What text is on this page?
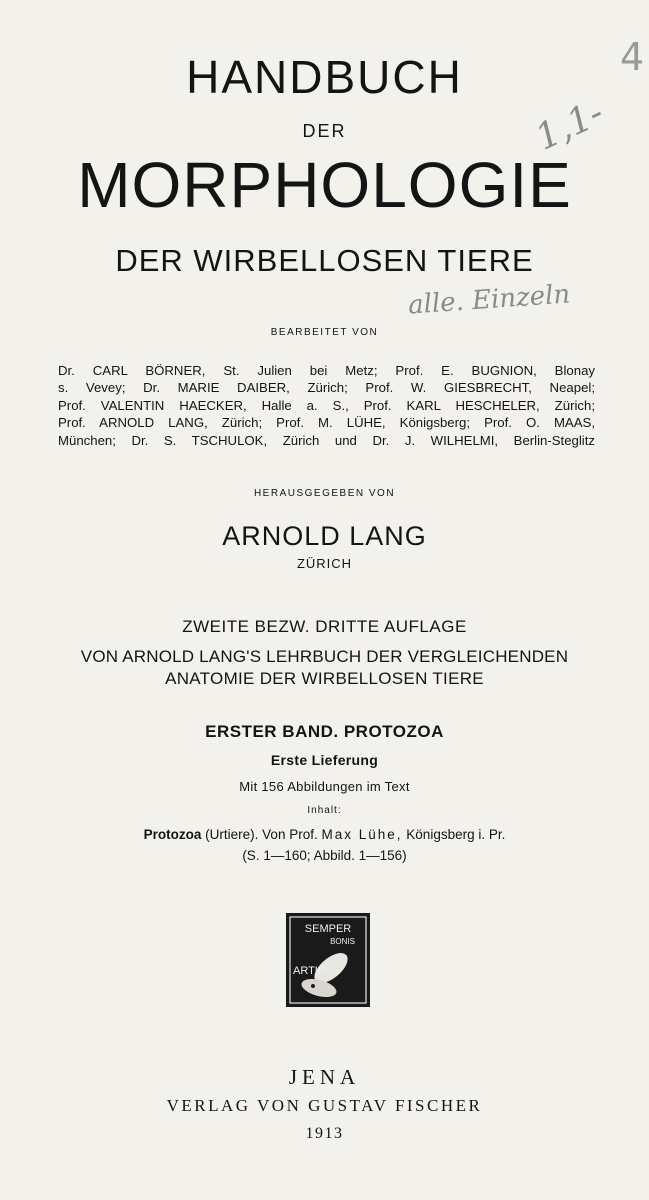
HANDBUCH
DER
MORPHOLOGIE
DER WIRBELLOSEN TIERE
4
1,1-
alle. Einzeln
BEARBEITET VON
Dr. CARL BÖRNER, St. Julien bei Metz; Prof. E. BUGNION, Blonay
s. Vevey; Dr. MARIE DAIBER, Zürich; Prof. W. GIESBRECHT, Neapel;
Prof. VALENTIN HAECKER, Halle a. S., Prof. KARL HESCHELER, Zürich;
Prof. ARNOLD LANG, Zürich; Prof. M. LÜHE, Königsberg; Prof. O. MAAS,
München; Dr. S. TSCHULOK, Zürich und Dr. J. WILHELMI, Berlin-Steglitz
HERAUSGEGEBEN VON
ARNOLD LANG
ZÜRICH
ZWEITE BEZW. DRITTE AUFLAGE
VON ARNOLD LANG'S LEHRBUCH DER VERGLEICHENDEN
ANATOMIE DER WIRBELLOSEN TIERE
ERSTER BAND. PROTOZOA
Erste Lieferung
Mit 156 Abbildungen im Text
Inhalt:
Protozoa (Urtiere). Von Prof. Max Lühe, Königsberg i. Pr.
(S. 1—160; Abbild. 1—156)
SEMPER
BONIS
ARTIBVS
JENA
VERLAG VON GUSTAV FISCHER
1913
